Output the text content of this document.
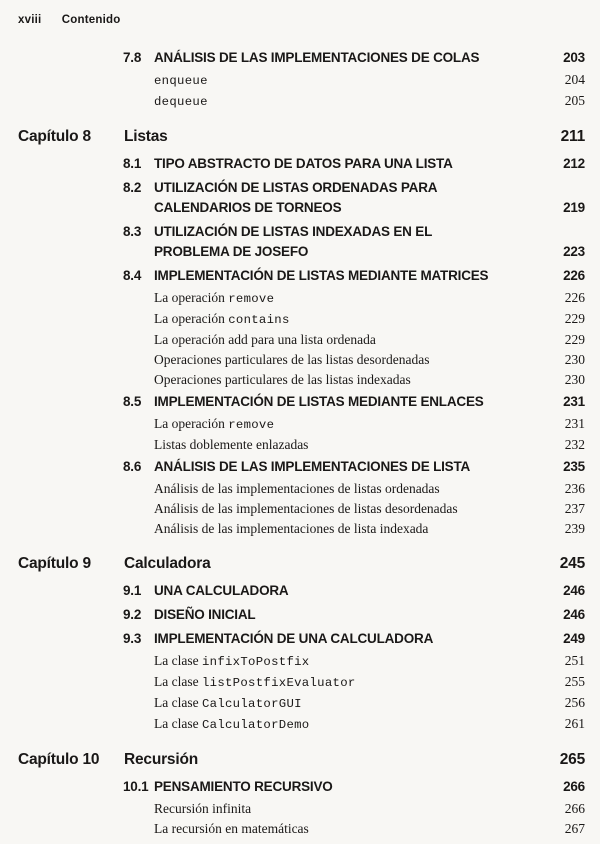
xviii Contenido
7.8 ANÁLISIS DE LAS IMPLEMENTACIONES DE COLAS	203
enqueue	204
dequeue	205
Capítulo 8	Listas	211
8.1 TIPO ABSTRACTO DE DATOS PARA UNA LISTA	212
8.2 UTILIZACIÓN DE LISTAS ORDENADAS PARA
CALENDARIOS DE TORNEOS	219
8.3 UTILIZACIÓN DE LISTAS INDEXADAS EN EL
PROBLEMA DE JOSEFO	223
8.4 IMPLEMENTACIÓN DE LISTAS MEDIANTE MATRICES	226
La operación remove	226
La operación contains	229
La operación add para una lista ordenada	229
Operaciones particulares de las listas desordenadas	230
Operaciones particulares de las listas indexadas	230
8.5 IMPLEMENTACIÓN DE LISTAS MEDIANTE ENLACES	231
La operación remove	231
Listas doblemente enlazadas	232
8.6 ANÁLISIS DE LAS IMPLEMENTACIONES DE LISTA	235
Análisis de las implementaciones de listas ordenadas	236
Análisis de las implementaciones de listas desordenadas	237
Análisis de las implementaciones de lista indexada	239
Capítulo 9	Calculadora	245
9.1 UNA CALCULADORA	246
9.2 DISEÑO INICIAL	246
9.3 IMPLEMENTACIÓN DE UNA CALCULADORA	249
La clase infixToPostfix	251
La clase listPostfixEvaluator	255
La clase CalculatorGUI	256
La clase CalculatorDemo	261
Capítulo 10	Recursión	265
10.1 PENSAMIENTO RECURSIVO	266
Recursión infinita	266
La recursión en matemáticas	267
